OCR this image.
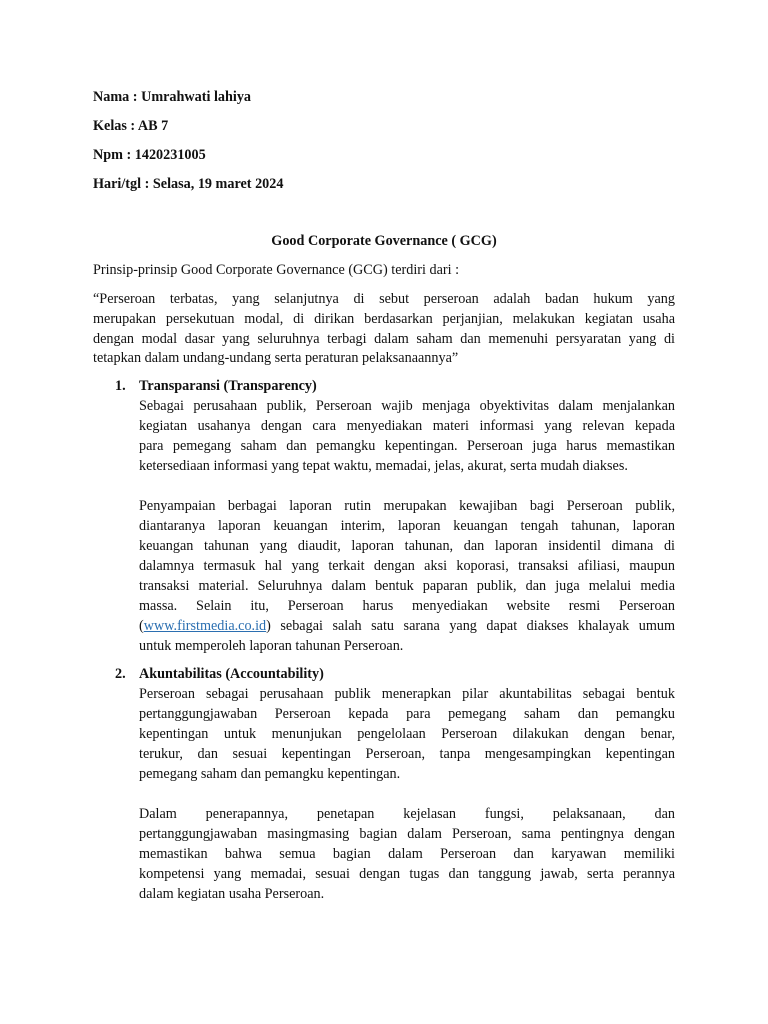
Nama : Umrahwati lahiya
Kelas : AB 7
Npm : 1420231005
Hari/tgl : Selasa, 19 maret 2024
Good Corporate Governance ( GCG)
Prinsip-prinsip Good Corporate Governance (GCG) terdiri dari :
“Perseroan terbatas, yang selanjutnya di sebut perseroan adalah badan hukum yang
merupakan persekutuan modal, di dirikan berdasarkan perjanjian, melakukan kegiatan usaha
dengan modal dasar yang seluruhnya terbagi dalam saham dan memenuhi persyaratan yang di
tetapkan dalam undang-undang serta peraturan pelaksanaannya”
1. Transparansi (Transparency)
Sebagai perusahaan publik, Perseroan wajib menjaga obyektivitas dalam menjalankan
kegiatan usahanya dengan cara menyediakan materi informasi yang relevan kepada
para pemegang saham dan pemangku kepentingan. Perseroan juga harus memastikan
ketersediaan informasi yang tepat waktu, memadai, jelas, akurat, serta mudah diakses.
Penyampaian berbagai laporan rutin merupakan kewajiban bagi Perseroan publik,
diantaranya laporan keuangan interim, laporan keuangan tengah tahunan, laporan
keuangan tahunan yang diaudit, laporan tahunan, dan laporan insidentil dimana di
dalamnya termasuk hal yang terkait dengan aksi koporasi, transaksi afiliasi, maupun
transaksi material. Seluruhnya dalam bentuk paparan publik, dan juga melalui media
massa. Selain itu, Perseroan harus menyediakan website resmi Perseroan
(www.firstmedia.co.id) sebagai salah satu sarana yang dapat diakses khalayak umum
untuk memperoleh laporan tahunan Perseroan.
2. Akuntabilitas (Accountability)
Perseroan sebagai perusahaan publik menerapkan pilar akuntabilitas sebagai bentuk
pertanggungjawaban Perseroan kepada para pemegang saham dan pemangku
kepentingan untuk menunjukan pengelolaan Perseroan dilakukan dengan benar,
terukur, dan sesuai kepentingan Perseroan, tanpa mengesampingkan kepentingan
pemegang saham dan pemangku kepentingan.
Dalam penerapannya, penetapan kejelasan fungsi, pelaksanaan, dan
pertanggungjawaban masingmasing bagian dalam Perseroan, sama pentingnya dengan
memastikan bahwa semua bagian dalam Perseroan dan karyawan memiliki
kompetensi yang memadai, sesuai dengan tugas dan tanggung jawab, serta perannya
dalam kegiatan usaha Perseroan.
